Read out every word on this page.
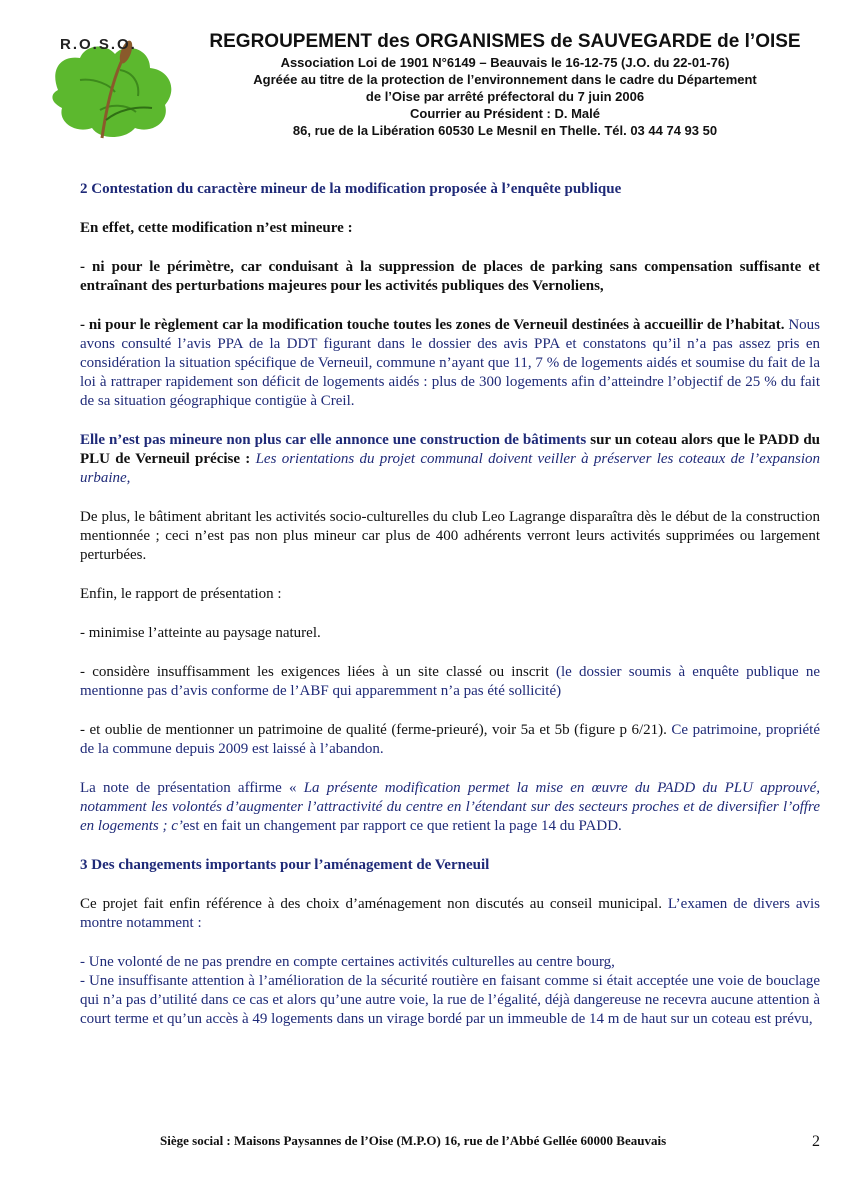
R.O.S.O.	REGROUPEMENT des ORGANISMES de SAUVEGARDE de l’OISE
Association Loi de 1901 N°6149 – Beauvais le 16-12-75 (J.O. du 22-01-76)
Agréée au titre de la protection de l’environnement dans le cadre du Département
de l’Oise par arrêté préfectoral du 7 juin 2006
Courrier au Président : D. Malé
86, rue de la Libération 60530 Le Mesnil en Thelle. Tél. 03 44 74 93 50

2 Contestation du caractère mineur de la modification proposée à l’enquête publique

En effet, cette modification n’est mineure :

- ni pour le périmètre, car conduisant à la suppression de places de parking sans compensation suffisante et entraînant des perturbations majeures pour les activités publiques des Vernoliens,

- ni pour le règlement car la modification touche toutes les zones de Verneuil destinées à accueillir de l’habitat. Nous avons consulté l’avis PPA de la DDT figurant dans le dossier des avis PPA et constatons qu’il n’a pas assez pris en considération la situation spécifique de Verneuil, commune n’ayant que 11, 7 % de logements aidés et soumise du fait de la loi à rattraper rapidement son déficit de logements aidés : plus de 300 logements afin d’atteindre l’objectif de 25 % du fait de sa situation géographique contigüe à Creil.

Elle n’est pas mineure non plus car elle annonce une construction de bâtiments sur un coteau alors que le PADD du PLU de Verneuil précise : Les orientations du projet communal doivent veiller à préserver les coteaux de l’expansion urbaine,

De plus, le bâtiment abritant les activités socio-culturelles du club Leo Lagrange disparaîtra dès le début de la construction mentionnée ; ceci n’est pas non plus mineur car plus de 400 adhérents verront leurs activités supprimées ou largement perturbées.

Enfin, le rapport de présentation :

- minimise l’atteinte au paysage naturel.

- considère insuffisamment les exigences liées à un site classé ou inscrit (le dossier soumis à enquête publique ne mentionne pas d’avis conforme de l’ABF qui apparemment n’a pas été sollicité)

- et oublie de mentionner un patrimoine de qualité (ferme-prieuré), voir 5a et 5b (figure p 6/21). Ce patrimoine, propriété de la commune depuis 2009 est laissé à l’abandon.

La note de présentation affirme « La présente modification permet la mise en œuvre du PADD du PLU approuvé, notamment les volontés d’augmenter l’attractivité du centre en l’étendant sur des secteurs proches et de diversifier l’offre en logements ; c’est en fait un changement par rapport ce que retient la page 14 du PADD.

3 Des changements importants pour l’aménagement de Verneuil

Ce projet fait enfin référence à des choix d’aménagement non discutés au conseil municipal. L’examen de divers avis montre notamment :

- Une volonté de ne pas prendre en compte certaines activités culturelles au centre bourg,

- Une insuffisante attention à l’amélioration de la sécurité routière en faisant comme si était acceptée une voie de bouclage qui n’a pas d’utilité dans ce cas et alors qu’une autre voie, la rue de l’égalité, déjà dangereuse ne recevra aucune attention à court terme et qu’un accès à 49 logements dans un virage bordé par un immeuble de 14 m de haut sur un coteau est prévu,

Siège social : Maisons Paysannes de l’Oise (M.P.O) 16, rue de l’Abbé Gellée 60000 Beauvais	2
